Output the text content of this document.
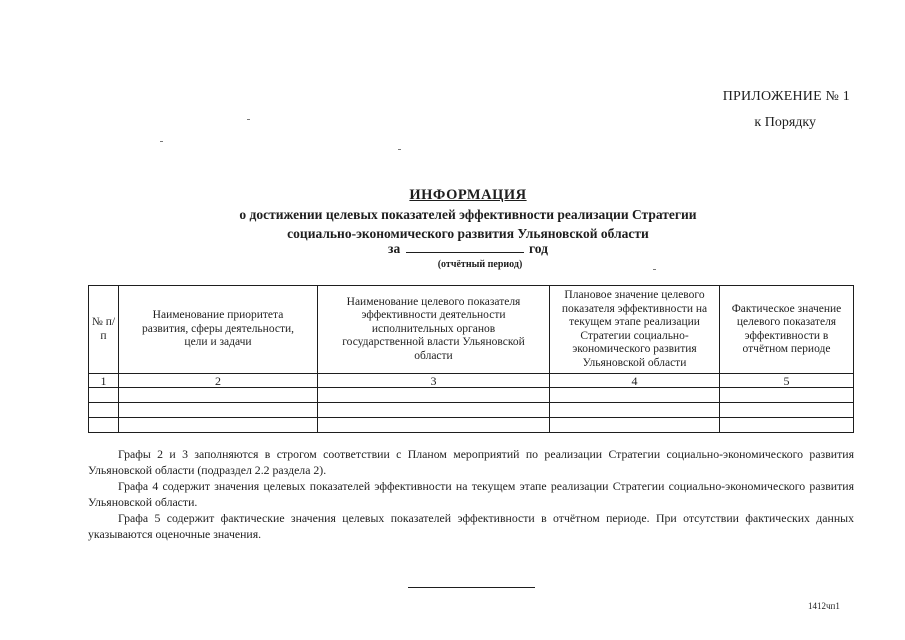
ПРИЛОЖЕНИЕ № 1
к Порядку
ИНФОРМАЦИЯ
о достижении целевых показателей эффективности реализации Стратегии
социально-экономического развития Ульяновской области
за	год
(отчётный период)
№ п/п	Наименование приоритета развития, сферы деятельности, цели и задачи	Наименование целевого показателя эффективности деятельности исполнительных органов государственной власти Ульяновской области	Плановое значение целевого показателя эффективности на текущем этапе реализации Стратегии социально-экономического развития Ульяновской области	Фактическое значение целевого показателя эффективности в отчётном периоде
1	2	3	4	5

Графы 2 и 3 заполняются в строгом соответствии с Планом мероприятий по реализации Стратегии социально-экономического развития Ульяновской области (подраздел 2.2 раздела 2).

Графа 4 содержит значения целевых показателей эффективности на текущем этапе реализации Стратегии социально-экономического развития Ульяновской области.

Графа 5 содержит фактические значения целевых показателей эффективности в отчётном периоде. При отсутствии фактических данных указываются оценочные значения.

1412чп1
